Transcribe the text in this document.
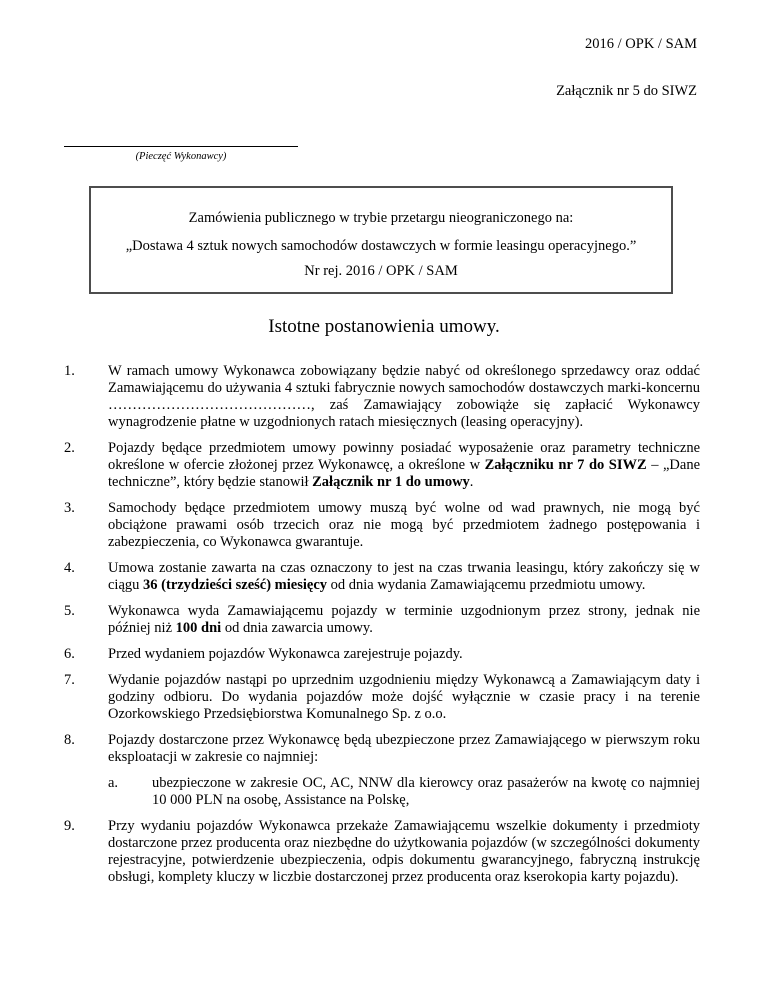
2016 / OPK / SAM
Załącznik nr 5 do SIWZ
(Pieczęć Wykonawcy)
Zamówienia publicznego w trybie przetargu nieograniczonego na:
„Dostawa 4 sztuk nowych samochodów dostawczych w formie leasingu operacyjnego.”
Nr rej. 2016 / OPK / SAM
Istotne postanowienia umowy.
1. W ramach umowy Wykonawca zobowiązany będzie nabyć od określonego sprzedawcy oraz oddać Zamawiającemu do używania 4 sztuki fabrycznie nowych samochodów dostawczych marki-koncernu ……………………………………, zaś Zamawiający zobowiąże się zapłacić Wykonawcy wynagrodzenie płatne w uzgodnionych ratach miesięcznych (leasing operacyjny).
2. Pojazdy będące przedmiotem umowy powinny posiadać wyposażenie oraz parametry techniczne określone w ofercie złożonej przez Wykonawcę, a określone w Załączniku nr 7 do SIWZ – „Dane techniczne”, który będzie stanowił Załącznik nr 1 do umowy.
3. Samochody będące przedmiotem umowy muszą być wolne od wad prawnych, nie mogą być obciążone prawami osób trzecich oraz nie mogą być przedmiotem żadnego postępowania i zabezpieczenia, co Wykonawca gwarantuje.
4. Umowa zostanie zawarta na czas oznaczony to jest na czas trwania leasingu, który zakończy się w ciągu 36 (trzydzieści sześć) miesięcy od dnia wydania Zamawiającemu przedmiotu umowy.
5. Wykonawca wyda Zamawiającemu pojazdy w terminie uzgodnionym przez strony, jednak nie później niż 100 dni od dnia zawarcia umowy.
6. Przed wydaniem pojazdów Wykonawca zarejestruje pojazdy.
7. Wydanie pojazdów nastąpi po uprzednim uzgodnieniu między Wykonawcą a Zamawiającym daty i godziny odbioru. Do wydania pojazdów może dojść wyłącznie w czasie pracy i na terenie Ozorkowskiego Przedsiębiorstwa Komunalnego Sp. z o.o.
8. Pojazdy dostarczone przez Wykonawcę będą ubezpieczone przez Zamawiającego w pierwszym roku eksploatacji w zakresie co najmniej:
a. ubezpieczone w zakresie OC, AC, NNW dla kierowcy oraz pasażerów na kwotę co najmniej 10 000 PLN na osobę, Assistance na Polskę,
9. Przy wydaniu pojazdów Wykonawca przekaże Zamawiającemu wszelkie dokumenty i przedmioty dostarczone przez producenta oraz niezbędne do użytkowania pojazdów (w szczególności dokumenty rejestracyjne, potwierdzenie ubezpieczenia, odpis dokumentu gwarancyjnego, fabryczną instrukcję obsługi, komplety kluczy w liczbie dostarczonej przez producenta oraz kserokopia karty pojazdu).
